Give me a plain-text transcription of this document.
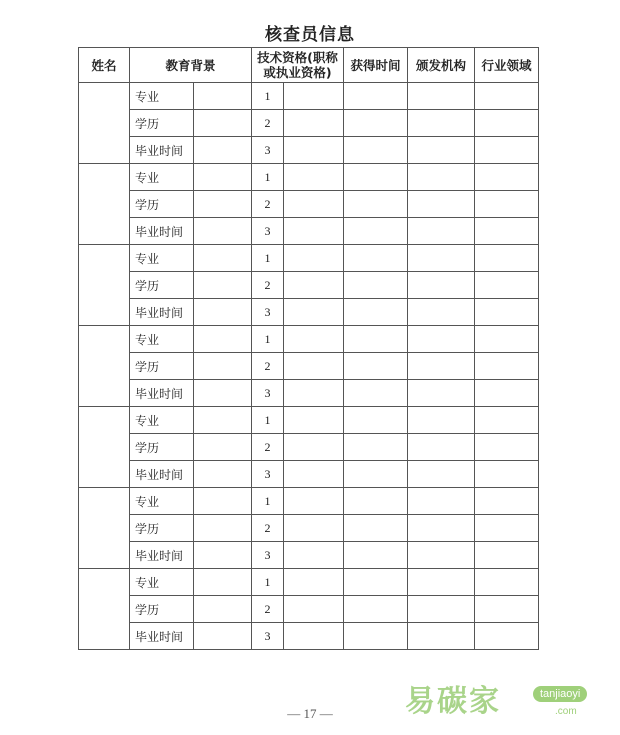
核查员信息
姓名	教育背景		技术资格(职称或执业资格)		获得时间	颁发机构	行业领域
	专业		1				
	学历		2				
	毕业时间		3				
	专业		1				
	学历		2				
	毕业时间		3				
	专业		1				
	学历		2				
	毕业时间		3				
	专业		1				
	学历		2				
	毕业时间		3				
	专业		1				
	学历		2				
	毕业时间		3				
	专业		1				
	学历		2				
	毕业时间		3				
	专业		1				
	学历		2				
	毕业时间		3				
— 17 —	易碳家	tanjiaoyi
.com
